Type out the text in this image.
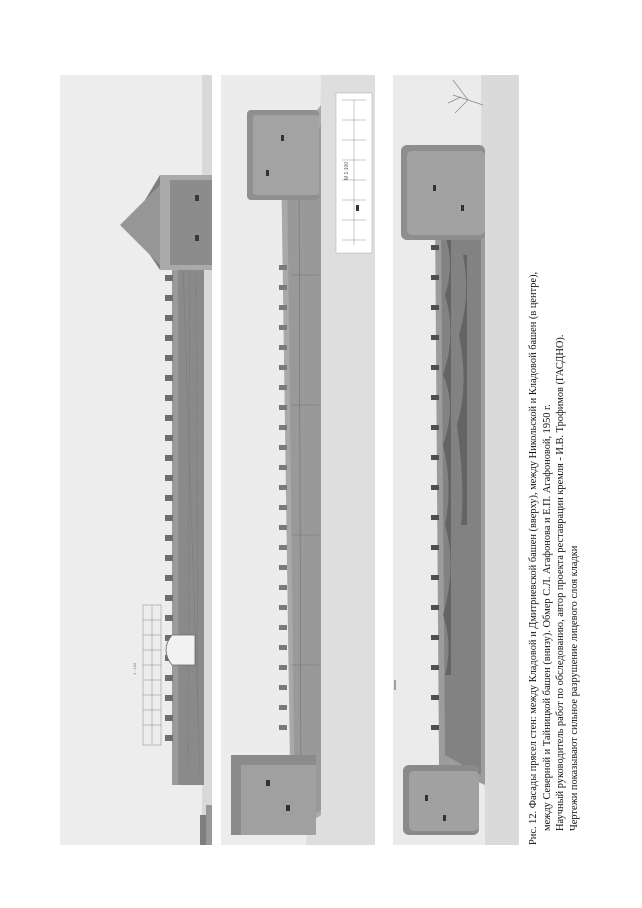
1 : 100
М 1:100
Рис. 12. Фасады прясел стен: между Кладовой и Дмитриевской башен (вверху), между Никольской и Кладовой башен (в центре), между Северной и Тайницкой башен (внизу). Обмер С.Л. Агафонова и Е.П. Агафоновой, 1950 г. Научный руководитель работ по обследованию, автор проекта реставрации кремля - И.В. Трофимов (ГАСДНО). Чертежи показывают сильное разрушение лицевого слоя кладки
